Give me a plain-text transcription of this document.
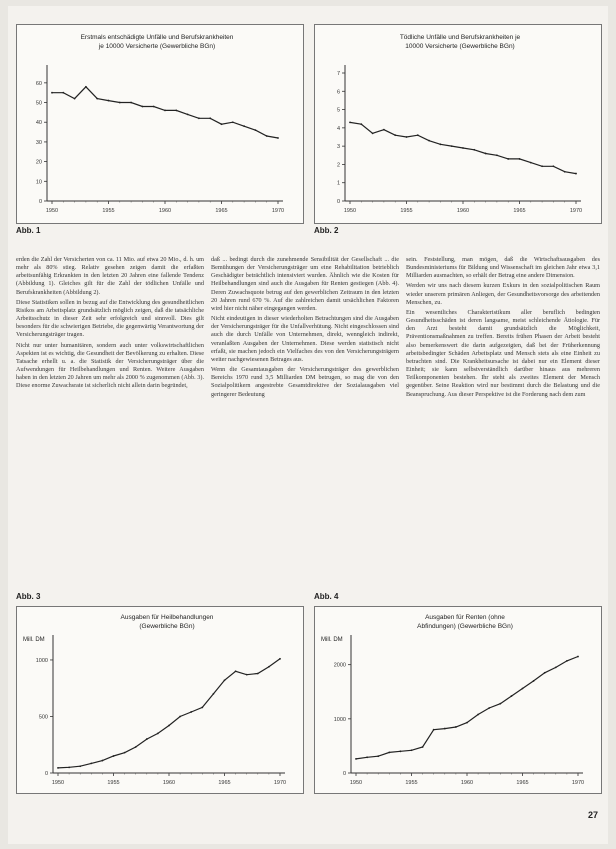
Erstmals entschädigte Unfälle und Berufskrankheiten
je 10000 Versicherte (Gewerbliche BGn)
0
10
20
30
40
50
60
1950	1955	1960	1965	1970
Abb. 1
Tödliche Unfälle und Berufskrankheiten je
10000 Versicherte (Gewerbliche BGn)
0
1
2
3
4
5
6
7
1950	1955	1960	1965	1970
Abb. 2

erden die Zahl der Versicherten von ca. 11 Mio. auf etwa 20 Mio., d. h. um mehr als 80% stieg. Relativ gesehen zeigen damit die erfaßten arbeitsunfähig Erkrankten in den letzten 20 Jahren eine fallende Tendenz (Abbildung 1). Gleiches gilt für die Zahl der tödlichen Unfälle und Berufskrankheiten (Abbildung 2).

Diese Statistiken sollen in bezug auf die Entwicklung des gesundheitlichen Risikos am Arbeitsplatz grundsätzlich möglich zeigen, daß die tatsächliche Arbeitsschutz in dieser Zeit sehr erfolgreich und sinnvoll. Dies gilt besonders für die schwierigen Betriebe, die gegenwärtig Verantwortung der Versicherungsträger tragen.

Nicht nur unter humanitären, sondern auch unter volkswirtschaftlichen Aspekten ist es wichtig, die Gesundheit der Bevölkerung zu erhalten. Diese Tatsache erhellt u. a. die Statistik der Versicherungsträger über die Aufwendungen für Heilbehandlungen und Renten. Weitere Ausgaben haben in den letzten 20 Jahren um mehr als 2000 % zugenommen (Abb. 3). Diese enorme Zuwachsrate ist sicherlich nicht allein darin begründet,

daß ... bedingt durch die zunehmende Sensibilität der Gesellschaft ... die Bemühungen der Versicherungsträger um eine Rehabilitation betrieblich Geschädigter beträchtlich intensiviert wurden. Ähnlich wie die Kosten für Heilbehandlungen sind auch die Ausgaben für Renten gestiegen (Abb. 4). Deren Zuwachsquote betrug auf den gewerblichen Zeitraum in den letzten 20 Jahren rund 670 %. Auf die zahlreichen damit ursächlichen Faktoren wird hier nicht näher eingegangen werden.

Nicht eindeutigen in dieser wiederholten Betrachtungen sind die Ausgaben der Versicherungsträger für die Unfallverhütung. Nicht eingeschlossen sind auch die durch Unfälle von Unternehmen, direkt, wenngleich indirekt, veranlaßten Ausgaben der Unternehmen. Diese werden statistisch nicht erfaßt, sie machen jedoch ein Vielfaches des von den Versicherungsträgern weiter nachgewiesenen Betrages aus.

Wenn die Gesamtausgaben der Versicherungsträger des gewerblichen Bereichs 1970 rund 3,5 Milliarden DM betrugen, so mag die von den Sozialpolitikern angestrebte Gesamtdirektive der Sozialausgaben viel geringerer Bedeutung

sein. Feststellung, man mögen, daß die Wirtschaftsausgaben des Bundesministeriums für Bildung und Wissenschaft im gleichen Jahr etwa 3,1 Milliarden ausmachten, so erhält der Betrag eine andere Dimension.

Werden wir uns nach diesem kurzen Exkurs in den sozialpolitischen Raum wieder unserem primären Anliegen, der Gesundheitsvorsorge des arbeitenden Menschen, zu.

Ein wesentliches Charakteristikum aller beruflich bedingten Gesundheitsschäden ist deren langsame, meist schleichende Ätiologie. Für den Arzt besteht damit grundsätzlich die Möglichkeit, Präventionsmaßnahmen zu treffen. Bereits frühen Phasen der Arbeit besteht also bemerkenswert die darin aufgezeigten, daß bei der Früherkennung arbeitsbedingter Schäden Arbeitsplatz und Mensch stets als eine Einheit zu betrachten sind. Die Krankheitsursache ist dabei nur ein Element dieser Einheit; sie kann selbstverständlich darüber hinaus aus mehreren Teilkomponenten bestehen. Ihr steht als zweites Element der Mensch gegenüber. Seine Reaktion wird nur bestimmt durch die Belastung und die Beanspruchung. Aus dieser Perspektive ist die Forderung nach dem zum

Abb. 3
Ausgaben für Heilbehandlungen
(Gewerbliche BGn)
Mill. DM
0
500
1000
1950	1955	1960	1965	1970
Abb. 4
Ausgaben für Renten (ohne
Abfindungen) (Gewerbliche BGn)
Mill. DM
0
1000
2000
1950	1955	1960	1965	1970
27
